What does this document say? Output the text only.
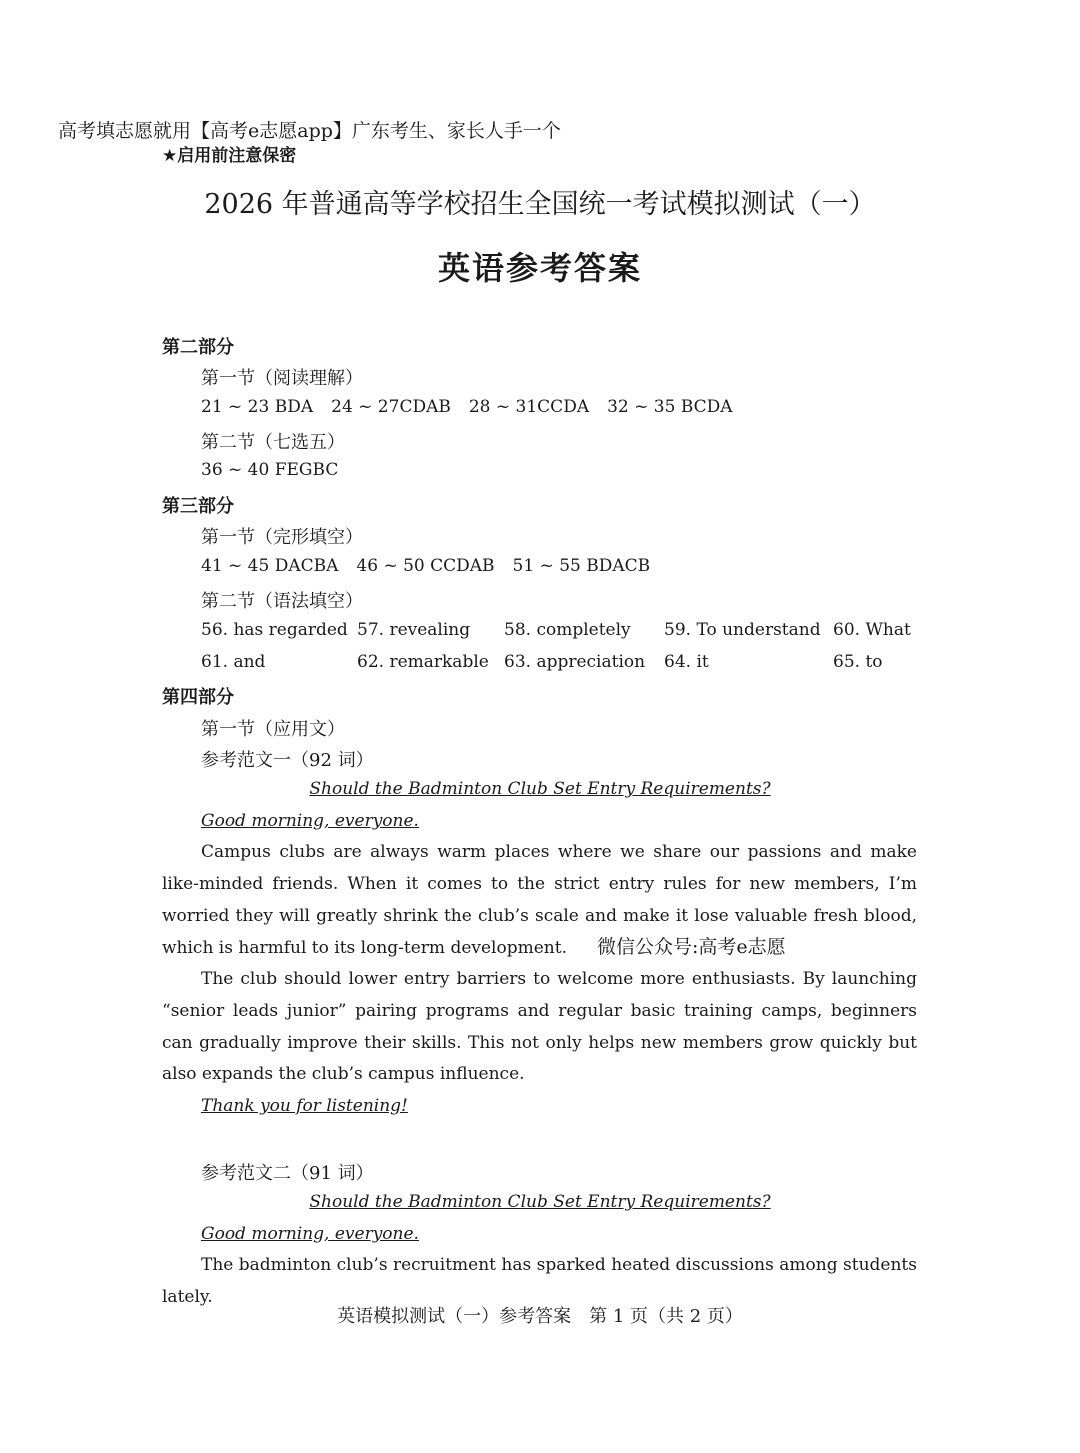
高考填志愿就用【高考e志愿app】广东考生、家长人手一个
★启用前注意保密
2026 年普通高等学校招生全国统一考试模拟测试（一）
英语参考答案
第二部分
第一节（阅读理解）
21 ~ 23 BDA 24 ~ 27CDAB 28 ~ 31CCDA 32 ~ 35 BCDA
第二节（七选五）
36 ~ 40 FEGBC
第三部分
第一节（完形填空）
41 ~ 45 DACBA 46 ~ 50 CCDAB 51 ~ 55 BDACB
第二节（语法填空）
56. has regarded 57. revealing 58. completely 59. To understand 60. What
61. and	62. remarkable 63. appreciation 64. it	65. to
第四部分
第一节（应用文）
参考范文一（92 词）
Should the Badminton Club Set Entry Requirements?
Good morning, everyone.
Campus clubs are always warm places where we share our passions and make like-minded friends. When it comes to the strict entry rules for new members, I’m worried they will greatly shrink the club’s scale and make it lose valuable fresh blood, which is harmful to its long-term development. 微信公众号:高考e志愿
The club should lower entry barriers to welcome more enthusiasts. By launching “senior leads junior” pairing programs and regular basic training camps, beginners can gradually improve their skills. This not only helps new members grow quickly but also expands the club’s campus influence.
Thank you for listening!
参考范文二（91 词）
Should the Badminton Club Set Entry Requirements?
Good morning, everyone.
The badminton club’s recruitment has sparked heated discussions among students lately.
英语模拟测试（一）参考答案　第 1 页（共 2 页）
